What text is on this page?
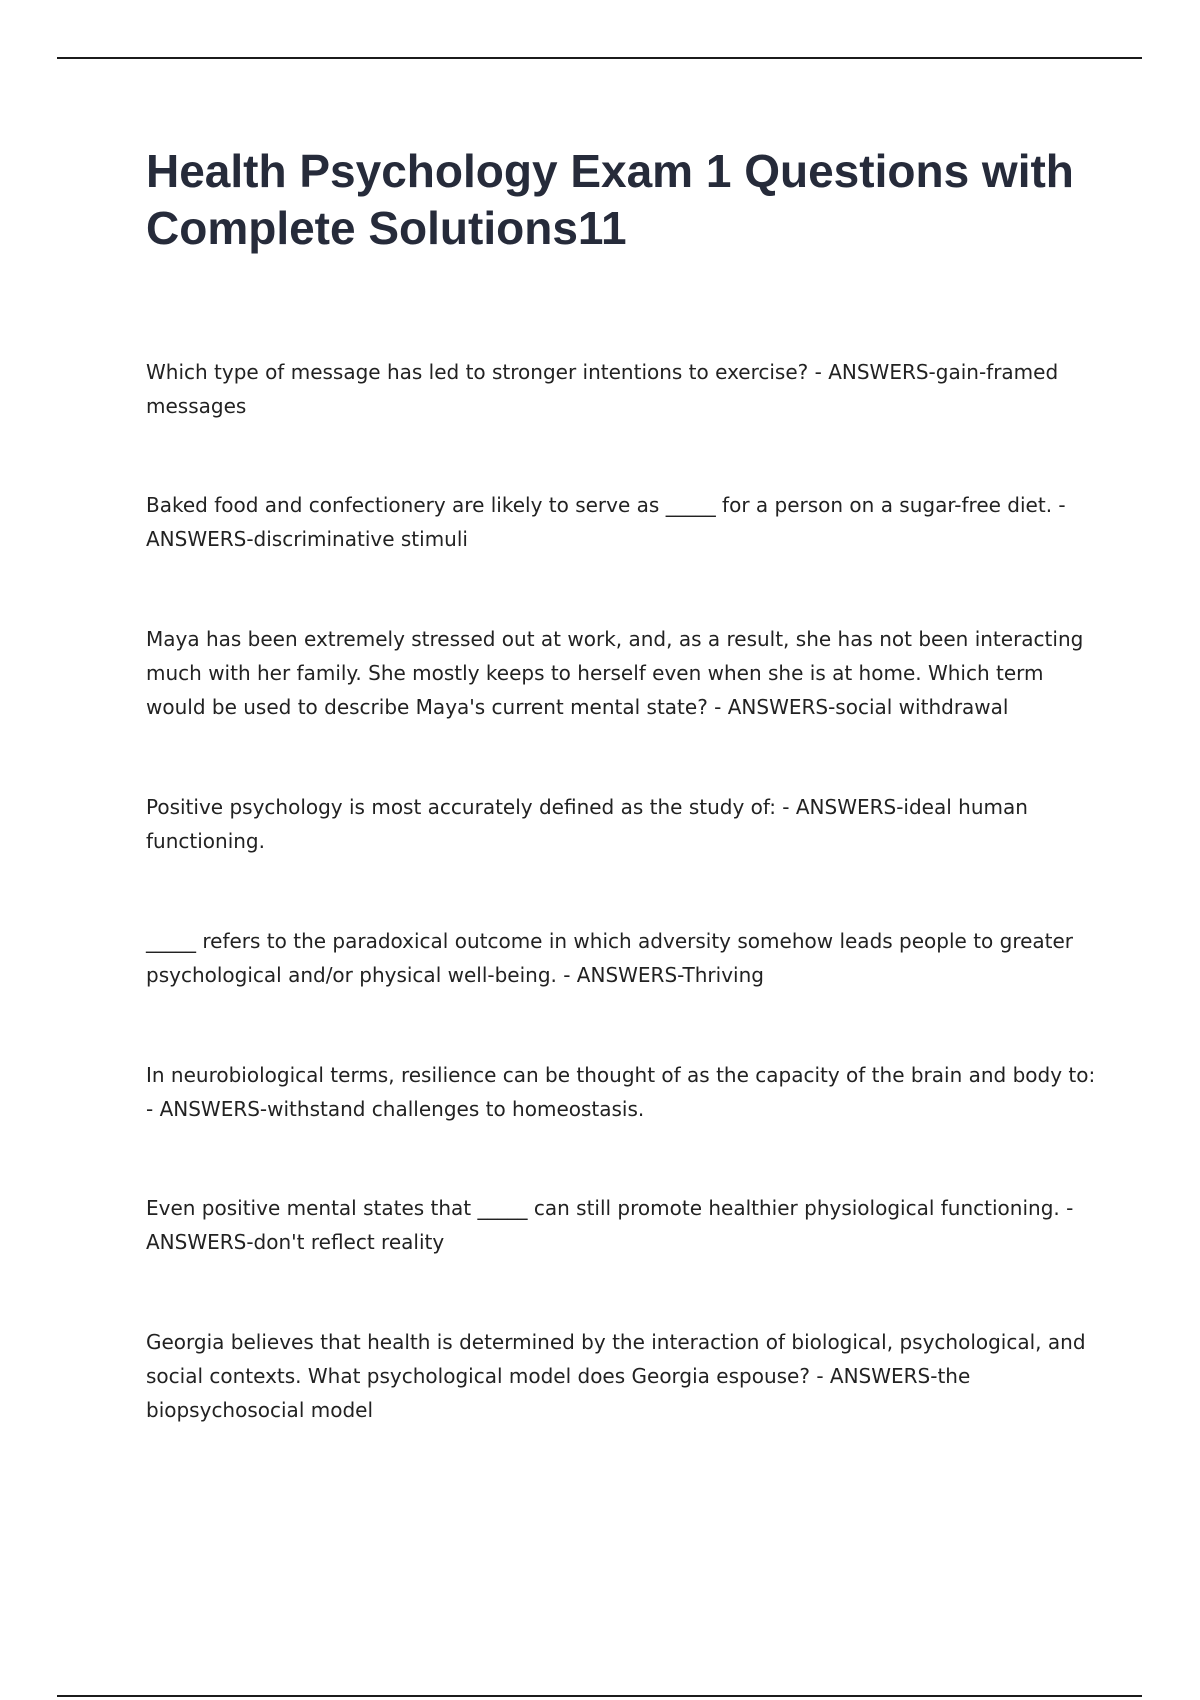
Health Psychology Exam 1 Questions with Complete Solutions11

Which type of message has led to stronger intentions to exercise? - ANSWERS-gain-framed messages

Baked food and confectionery are likely to serve as _____ for a person on a sugar-free diet. - ANSWERS-discriminative stimuli

Maya has been extremely stressed out at work, and, as a result, she has not been interacting much with her family. She mostly keeps to herself even when she is at home. Which term would be used to describe Maya's current mental state? - ANSWERS-social withdrawal

Positive psychology is most accurately defined as the study of: - ANSWERS-ideal human functioning.

_____ refers to the paradoxical outcome in which adversity somehow leads people to greater psychological and/or physical well-being. - ANSWERS-Thriving

In neurobiological terms, resilience can be thought of as the capacity of the brain and body to: - ANSWERS-withstand challenges to homeostasis.

Even positive mental states that _____ can still promote healthier physiological functioning. - ANSWERS-don't reflect reality

Georgia believes that health is determined by the interaction of biological, psychological, and social contexts. What psychological model does Georgia espouse? - ANSWERS-the biopsychosocial model
